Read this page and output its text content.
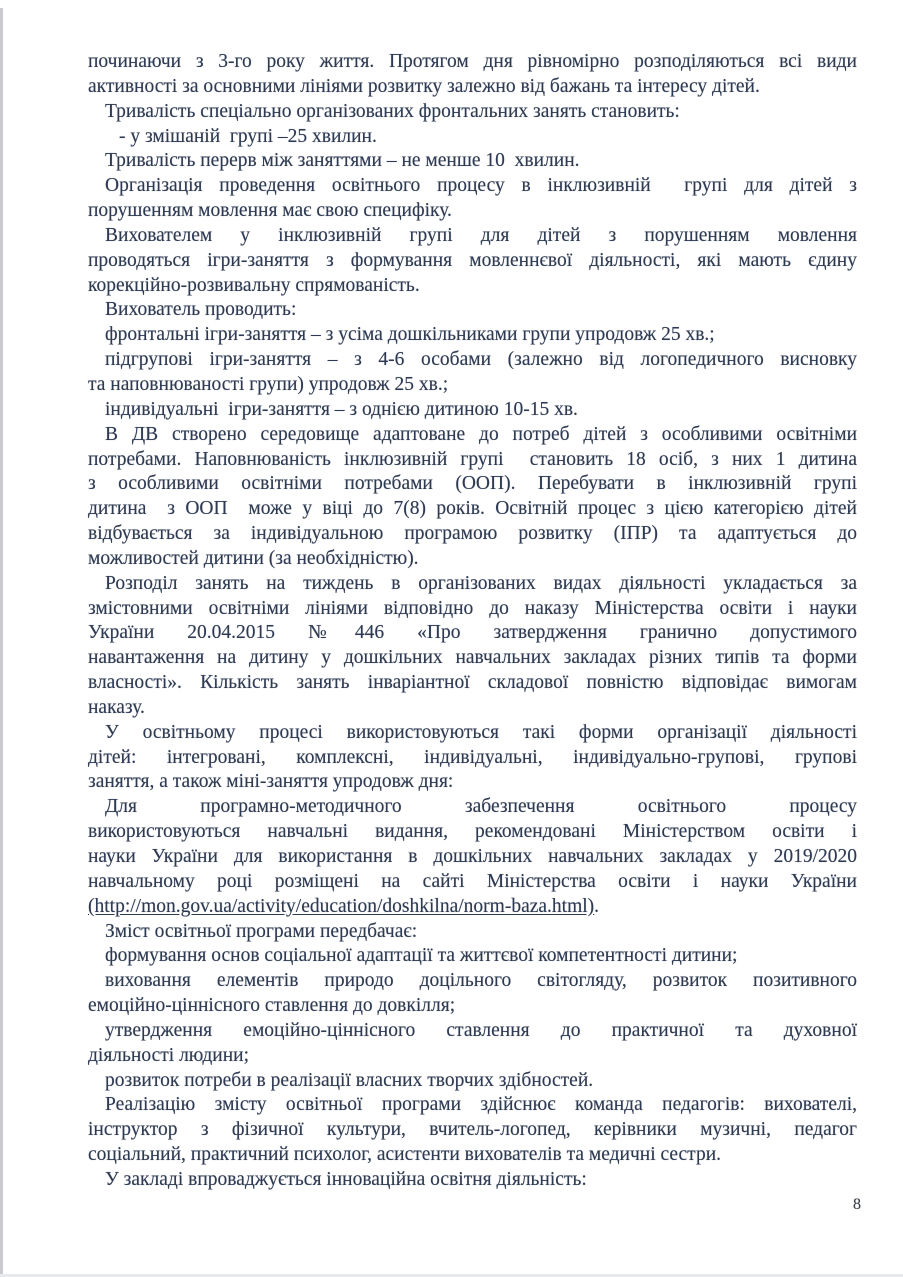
починаючи з 3-го року життя. Протягом дня рівномірно розподіляються всі види
активності за основними лініями розвитку залежно від бажань та інтересу дітей.
Тривалість спеціально організованих фронтальних занять становить:
- у змішаній  групі –25 хвилин.
Тривалість перерв між заняттями – не менше 10  хвилин.
Організація проведення освітнього процесу в інклюзивній  групі для дітей з
порушенням мовлення має свою специфіку.
Вихователем у інклюзивній групі для дітей з порушенням мовлення
проводяться ігри-заняття з формування мовленнєвої діяльності, які мають єдину
корекційно-розвивальну спрямованість.
Вихователь проводить:
фронтальні ігри-заняття – з усіма дошкільниками групи упродовж 25 хв.;
підгрупові ігри-заняття – з 4-6 особами (залежно від логопедичного висновку
та наповнюваності групи) упродовж 25 хв.;
індивідуальні  ігри-заняття – з однією дитиною 10-15 хв.
В ДВ створено середовище адаптоване до потреб дітей з особливими освітніми
потребами. Наповнюваність інклюзивній групі  становить 18 осіб, з них 1 дитина
з особливими освітніми потребами (ООП). Перебувати в інклюзивній групі
дитина  з ООП  може у віці до 7(8) років. Освітній процес з цією категорією дітей
відбувається за індивідуальною програмою розвитку (ІПР) та адаптується до
можливостей дитини (за необхідністю).
Розподіл занять на тиждень в організованих видах діяльності укладається за
змістовними освітніми лініями відповідно до наказу Міністерства освіти і науки
України 20.04.2015 №446 «Про затвердження гранично допустимого
навантаження на дитину у дошкільних навчальних закладах різних типів та форми
власності». Кількість занять інваріантної складової повністю відповідає вимогам
наказу.
У освітньому процесі використовуються такі форми організації діяльності
дітей: інтегровані, комплексні, індивідуальні, індивідуально-групові, групові
заняття, а також міні-заняття упродовж дня:
Для програмно-методичного забезпечення освітнього процесу
використовуються навчальні видання, рекомендовані Міністерством освіти і
науки України для використання в дошкільних навчальних закладах у 2019/2020
навчальному році розміщені на сайті Міністерства освіти і науки України
(http://mon.gov.ua/activity/education/doshkilna/norm-baza.html).
Зміст освітньої програми передбачає:
формування основ соціальної адаптації та життєвої компетентності дитини;
виховання елементів природо доцільного світогляду, розвиток позитивного
емоційно-ціннісного ставлення до довкілля;
утвердження емоційно-ціннісного ставлення до практичної та духовної
діяльності людини;
розвиток потреби в реалізації власних творчих здібностей.
Реалізацію змісту освітньої програми здійснює команда педагогів: вихователі,
інструктор з фізичної культури, вчитель-логопед, керівники музичні, педагог
соціальний, практичний психолог, асистенти вихователів та медичні сестри.
У закладі впроваджується інноваційна освітня діяльність:
8
